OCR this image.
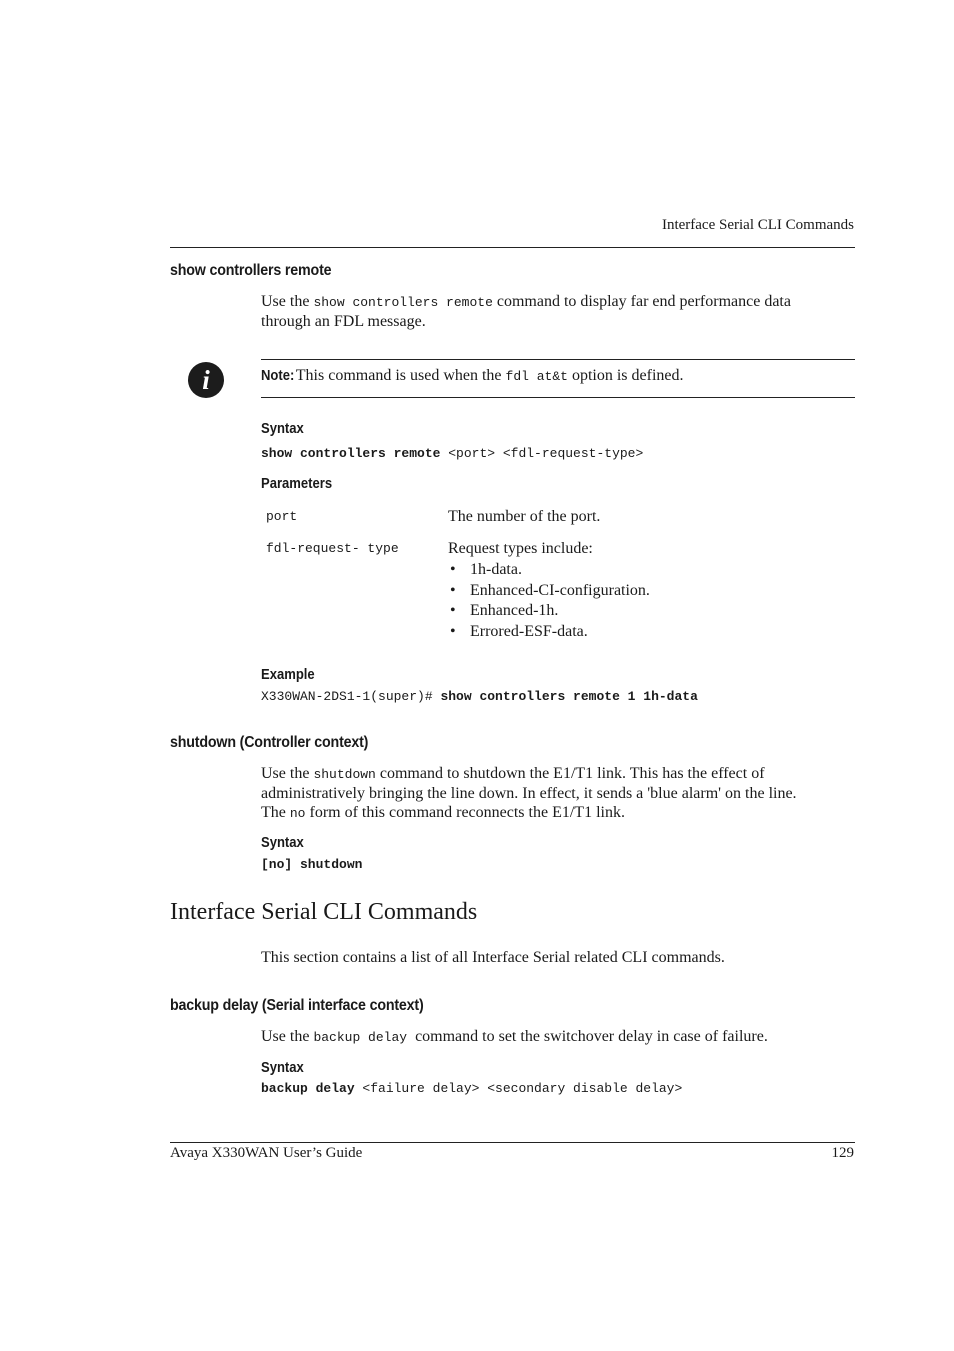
Interface Serial CLI Commands
show controllers remote
Use the show controllers remote command to display far end performance data
through an FDL message.
i	Note: This command is used when the fdl at&t option is defined.
Syntax
show controllers remote <port> <fdl-request-type>
Parameters
port	The number of the port.
fdl-request- type	Request types include:
• 1h-data.
• Enhanced-CI-configuration.
• Enhanced-1h.
• Errored-ESF-data.
Example
X330WAN-2DS1-1(super)# show controllers remote 1 1h-data
shutdown (Controller context)
Use the shutdown command to shutdown the E1/T1 link. This has the effect of
administratively bringing the line down. In effect, it sends a 'blue alarm' on the line.
The no form of this command reconnects the E1/T1 link.
Syntax
[no] shutdown
Interface Serial CLI Commands
This section contains a list of all Interface Serial related CLI commands.
backup delay (Serial interface context)
Use the backup delay  command to set the switchover delay in case of failure.
Syntax
backup delay <failure delay> <secondary disable delay>
Avaya X330WAN User’s Guide	129
